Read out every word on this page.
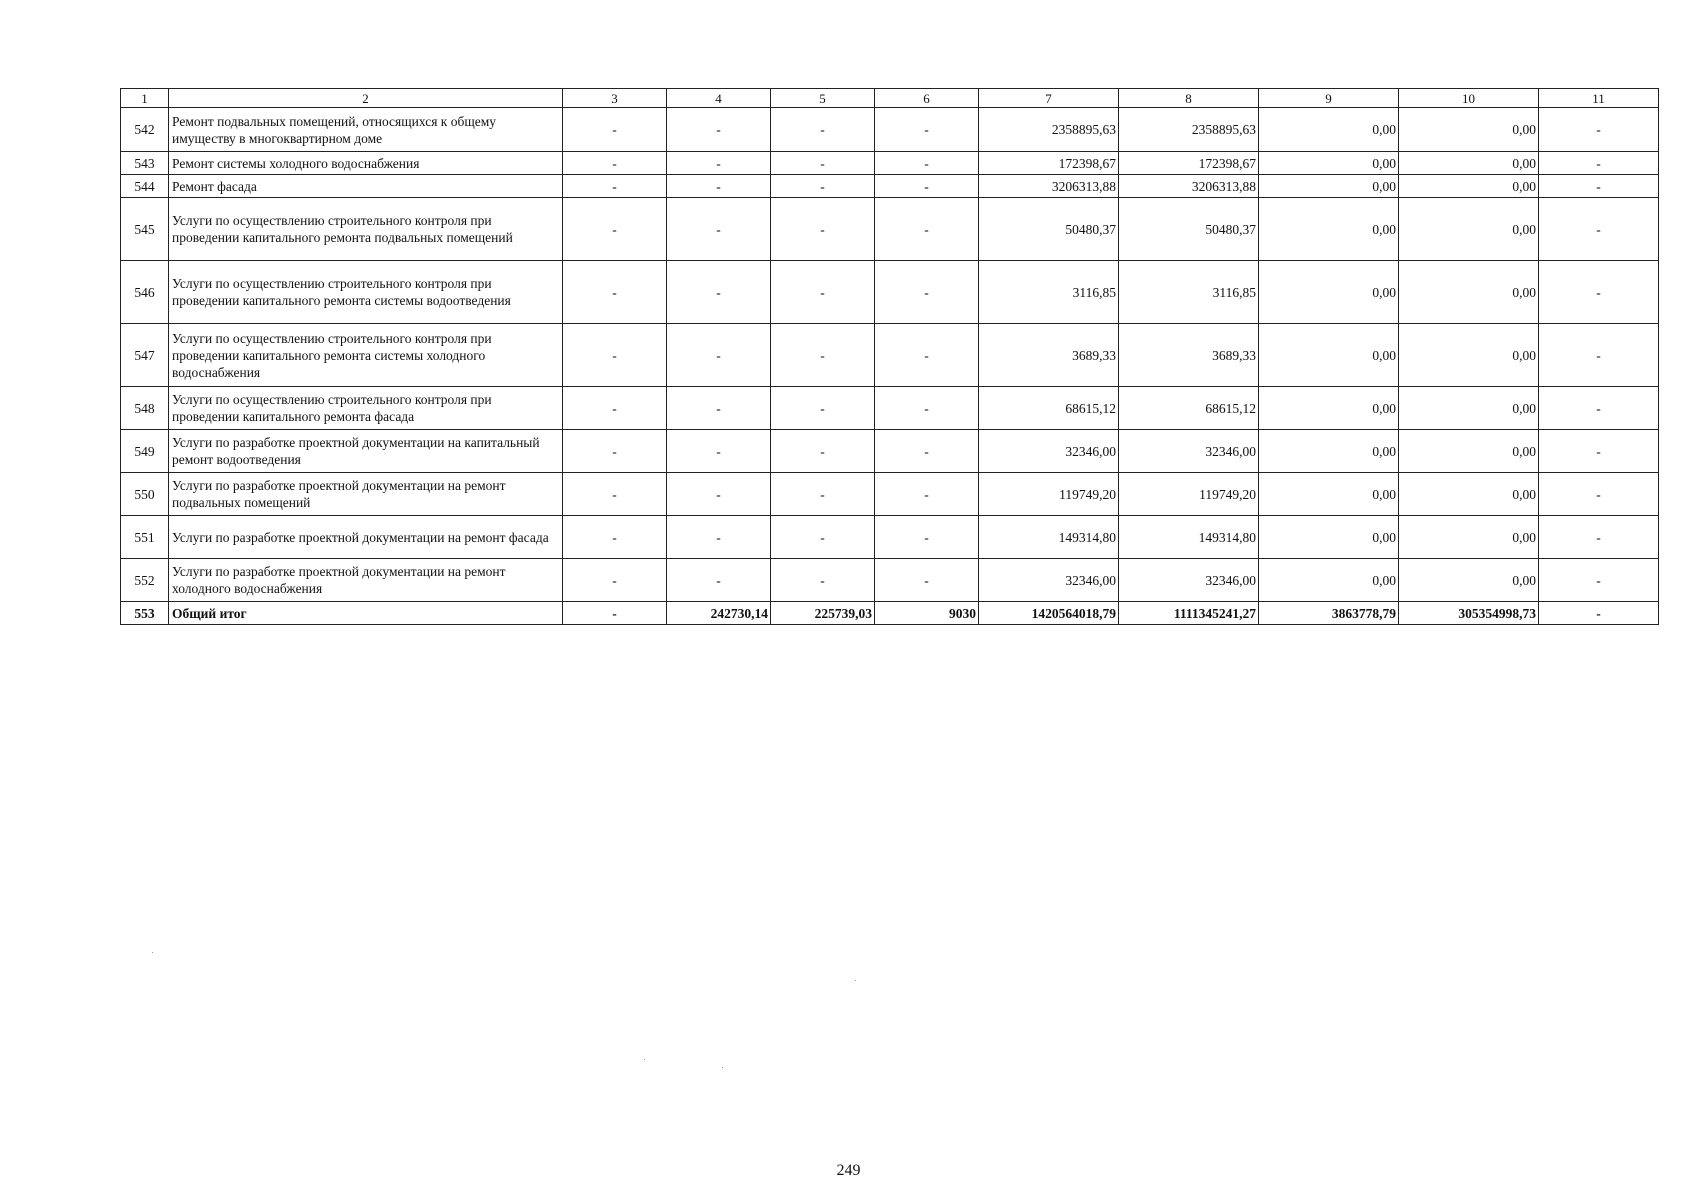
1	2	3	4	5	6	7	8	9	10	11
542	Ремонт подвальных помещений, относящихся к общему имуществу в многоквартирном доме	-	-	-	-	2358895,63	2358895,63	0,00	0,00	-
543	Ремонт системы холодного водоснабжения	-	-	-	-	172398,67	172398,67	0,00	0,00	-
544	Ремонт фасада	-	-	-	-	3206313,88	3206313,88	0,00	0,00	-
545	Услуги по осуществлению строительного контроля при проведении капитального ремонта подвальных помещений	-	-	-	-	50480,37	50480,37	0,00	0,00	-
546	Услуги по осуществлению строительного контроля при проведении капитального ремонта системы водоотведения	-	-	-	-	3116,85	3116,85	0,00	0,00	-
547	Услуги по осуществлению строительного контроля при проведении капитального ремонта системы холодного водоснабжения	-	-	-	-	3689,33	3689,33	0,00	0,00	-
548	Услуги по осуществлению строительного контроля при проведении капитального ремонта фасада	-	-	-	-	68615,12	68615,12	0,00	0,00	-
549	Услуги по разработке проектной документации на капитальный ремонт водоотведения	-	-	-	-	32346,00	32346,00	0,00	0,00	-
550	Услуги по разработке проектной документации на ремонт подвальных помещений	-	-	-	-	119749,20	119749,20	0,00	0,00	-
551	Услуги по разработке проектной документации на ремонт фасада	-	-	-	-	149314,80	149314,80	0,00	0,00	-
552	Услуги по разработке проектной документации на ремонт холодного водоснабжения	-	-	-	-	32346,00	32346,00	0,00	0,00	-
553	Общий итог	-	242730,14	225739,03	9030	1420564018,79	1111345241,27	3863778,79	305354998,73	-
249
